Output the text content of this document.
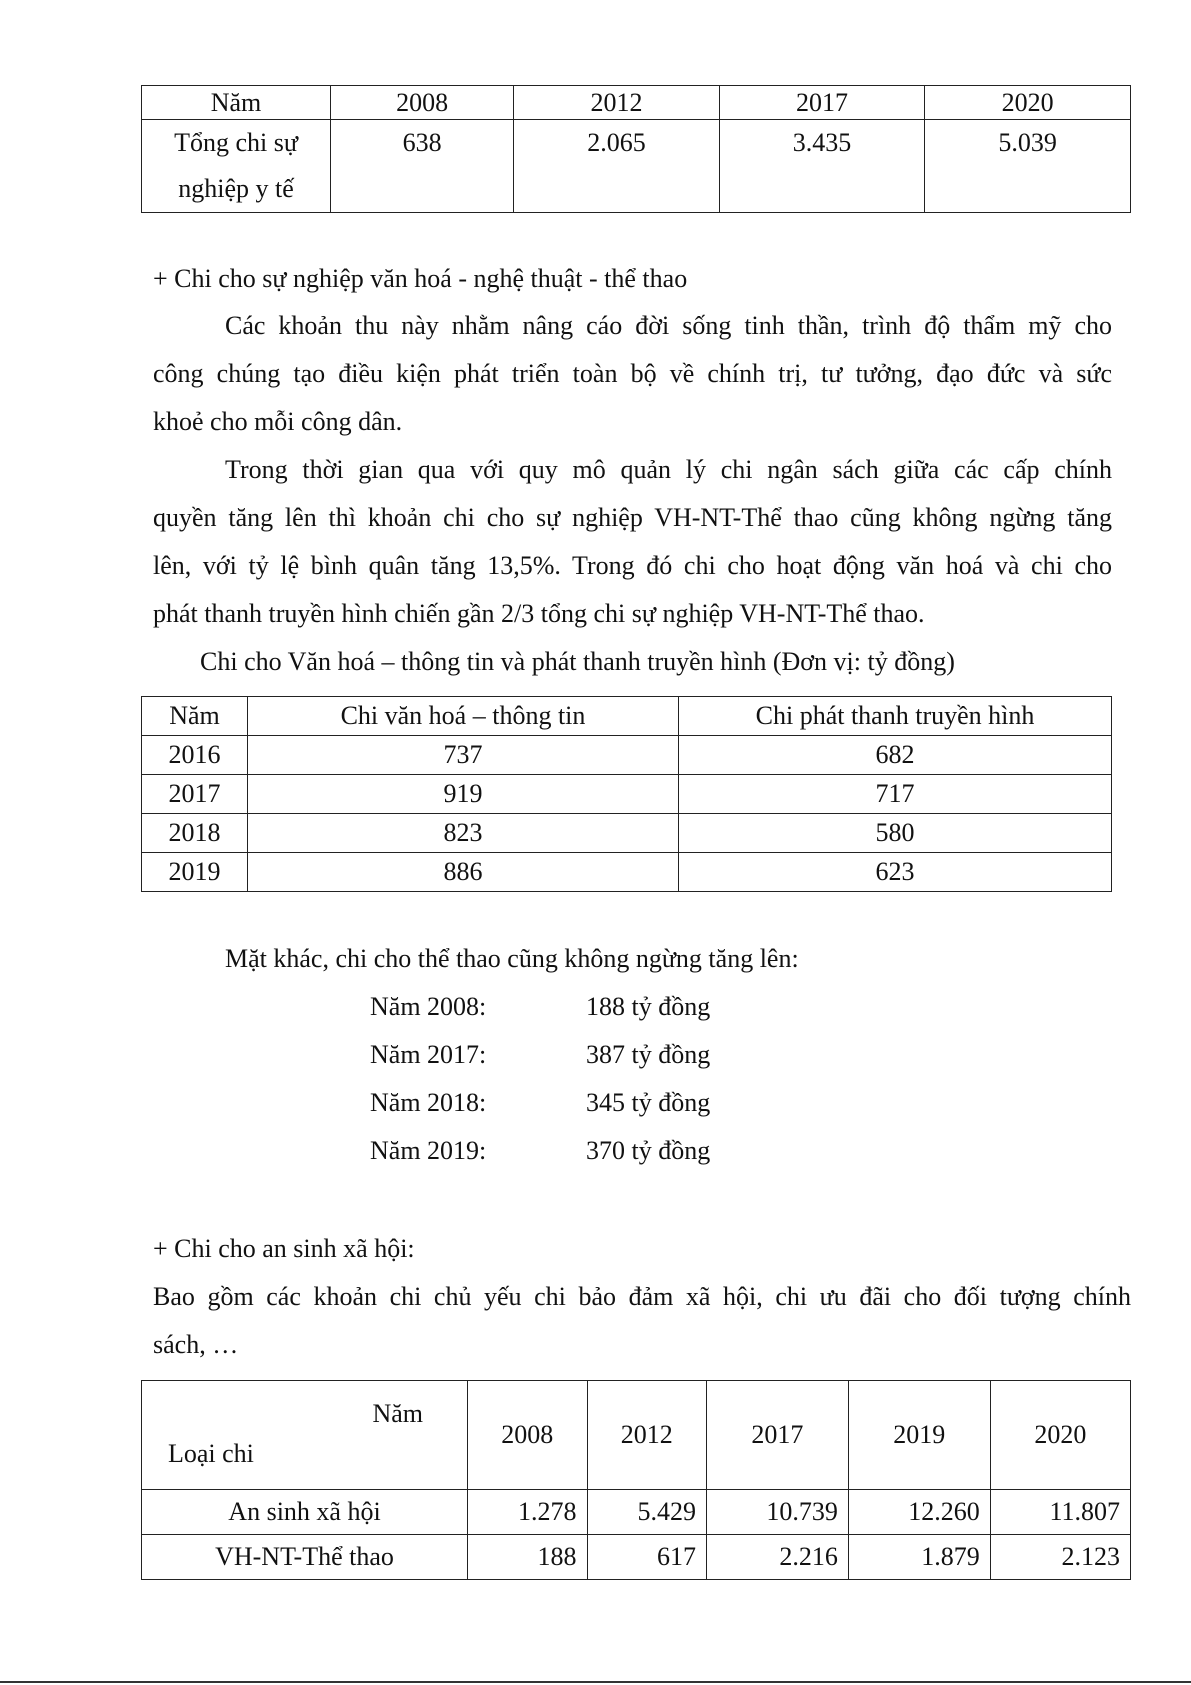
Năm	2008	2012	2017	2020
Tổng chi sự
nghiệp y tế	638	2.065	3.435	5.039

+ Chi cho sự nghiệp văn hoá - nghệ thuật - thể thao

Các khoản thu này nhằm nâng cáo đời sống tinh thần, trình độ thẩm mỹ cho

công chúng tạo điều kiện phát triển toàn bộ về chính trị, tư tưởng, đạo đức và sức

khoẻ cho mỗi công dân.

Trong thời gian qua với quy mô quản lý chi ngân sách giữa các cấp chính

quyền tăng lên thì khoản chi cho sự nghiệp VH-NT-Thể thao cũng không ngừng tăng

lên, với tỷ lệ bình quân tăng 13,5%. Trong đó chi cho hoạt động văn hoá và chi cho

phát thanh truyền hình chiến gần 2/3 tổng chi sự nghiệp VH-NT-Thể thao.

Chi cho Văn hoá – thông tin và phát thanh truyền hình (Đơn vị: tỷ đồng)

Năm	Chi văn hoá – thông tin	Chi phát thanh truyền hình
2016	737	682
2017	919	717
2018	823	580
2019	886	623

Mặt khác, chi cho thể thao cũng không ngừng tăng lên:

Năm 2008:	188 tỷ đồng

Năm 2017:	387 tỷ đồng

Năm 2018:	345 tỷ đồng

Năm 2019:	370 tỷ đồng

+ Chi cho an sinh xã hội:

Bao gồm các khoản chi chủ yếu chi bảo đảm xã hội, chi ưu đãi cho đối tượng chính

sách, …

Năm
Loại chi	2008	2012	2017	2019	2020
An sinh xã hội	1.278	5.429	10.739	12.260	11.807
VH-NT-Thể thao	188	617	2.216	1.879	2.123
